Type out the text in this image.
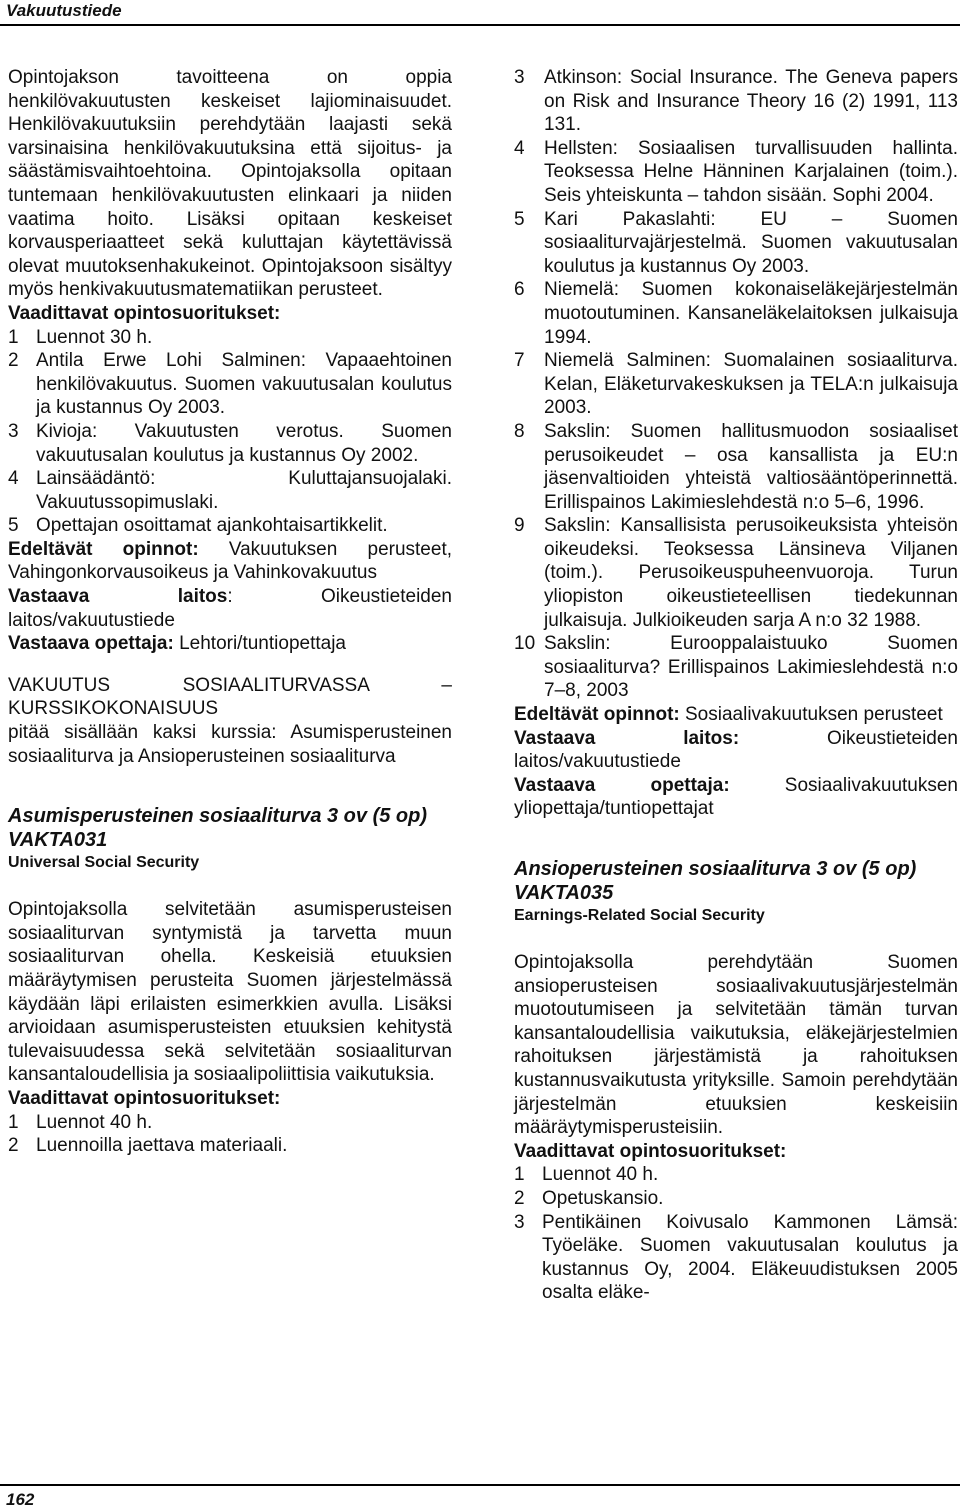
Vakuutustiede

Opintojakson tavoitteena on oppia henkilövakuutusten keskeiset lajiominaisuudet. Henkilövakuutuksiin perehdytään laajasti sekä varsinaisina henkilövakuutuksina että sijoitus- ja säästämisvaihtoehtoina. Opintojaksolla opitaan tuntemaan henkilövakuutusten elinkaari ja niiden vaatima hoito. Lisäksi opitaan keskeiset korvausperiaatteet sekä kuluttajan käytettävissä olevat muutoksenhakukeinot. Opintojaksoon sisältyy myös henkivakuutusmatematiikan perusteet.

Vaadittavat opintosuoritukset:
1 Luennot 30 h.
2 Antila Erwe Lohi Salminen: Vapaaehtoinen henkilövakuutus. Suomen vakuutusalan koulutus ja kustannus Oy 2003.
3 Kivioja: Vakuutusten verotus. Suomen vakuutusalan koulutus ja kustannus Oy 2002.
4 Lainsäädäntö: Kuluttajansuojalaki. Vakuutussopimuslaki.
5 Opettajan osoittamat ajankohtaisartikkelit.

Edeltävät opinnot: Vakuutuksen perusteet, Vahingonkorvausoikeus ja Vahinkovakuutus

Vastaava laitos: Oikeustieteiden laitos/vakuutustiede

Vastaava opettaja: Lehtori/tuntiopettaja

VAKUUTUS SOSIAALITURVASSA – KURSSIKOKONAISUUS

pitää sisällään kaksi kurssia: Asumisperusteinen sosiaaliturva ja Ansioperusteinen sosiaaliturva

Asumisperusteinen sosiaaliturva 3 ov (5 op) VAKTA031

Universal Social Security

Opintojaksolla selvitetään asumisperusteisen sosiaaliturvan syntymistä ja tarvetta muun sosiaaliturvan ohella. Keskeisiä etuuksien määräytymisen perusteita Suomen järjestelmässä käydään läpi erilaisten esimerkkien avulla. Lisäksi arvioidaan asumisperusteisten etuuksien kehitystä tulevaisuudessa sekä selvitetään sosiaaliturvan kansantaloudellisia ja sosiaalipoliittisia vaikutuksia.

Vaadittavat opintosuoritukset:
1 Luennot 40 h.
2 Luennoilla jaettava materiaali.
3	Atkinson: Social Insurance. The Geneva papers on Risk and Insurance Theory 16 (2) 1991, 113 131.
4	Hellsten: Sosiaalisen turvallisuuden hallinta. Teoksessa Helne Hänninen Karjalainen (toim.). Seis yhteiskunta – tahdon sisään. Sophi 2004.
5	Kari Pakaslahti: EU – Suomen sosiaaliturvajärjestelmä. Suomen vakuutusalan koulutus ja kustannus Oy 2003.
6	Niemelä: Suomen kokonaiseläkejärjestelmän muotoutuminen. Kansaneläkelaitoksen julkaisuja 1994.
7	Niemelä Salminen: Suomalainen sosiaaliturva. Kelan, Eläketurvakeskuksen ja TELA:n julkaisuja 2003.
8	Sakslin: Suomen hallitusmuodon sosiaaliset perusoikeudet – osa kansallista ja EU:n jäsenvaltioiden yhteistä valtiosääntöperinnettä. Erillispainos Lakimieslehdestä n:o 5–6, 1996.
9	Sakslin: Kansallisista perusoikeuksista yhteisön oikeudeksi. Teoksessa Länsineva Viljanen (toim.). Perusoikeuspuheenvuoroja. Turun yliopiston oikeustieteellisen tiedekunnan julkaisuja. Julkioikeuden sarja A n:o 32 1988.
10 Sakslin: Eurooppalaistuuko Suomen sosiaaliturva? Erillispainos Lakimieslehdestä n:o 7–8, 2003

Edeltävät opinnot: Sosiaalivakuutuksen perusteet

Vastaava laitos: Oikeustieteiden laitos/vakuutustiede

Vastaava opettaja: Sosiaalivakuutuksen yliopettaja/tuntiopettajat

Ansioperusteinen sosiaaliturva 3 ov (5 op) VAKTA035

Earnings-Related Social Security

Opintojaksolla perehdytään Suomen ansioperusteisen sosiaalivakuutusjärjestelmän muotoutumiseen ja selvitetään tämän turvan kansantaloudellisia vaikutuksia, eläkejärjestelmien rahoituksen järjestämistä ja rahoituksen kustannusvaikutusta yrityksille. Samoin perehdytään järjestelmän etuuksien keskeisiin määräytymisperusteisiin.

Vaadittavat opintosuoritukset:
1 Luennot 40 h.
2 Opetuskansio.
3 Pentikäinen Koivusalo Kammonen Lämsä: Työeläke. Suomen vakuutusalan koulutus ja kustannus Oy, 2004. Eläkeuudistuksen 2005 osalta eläke-
162
